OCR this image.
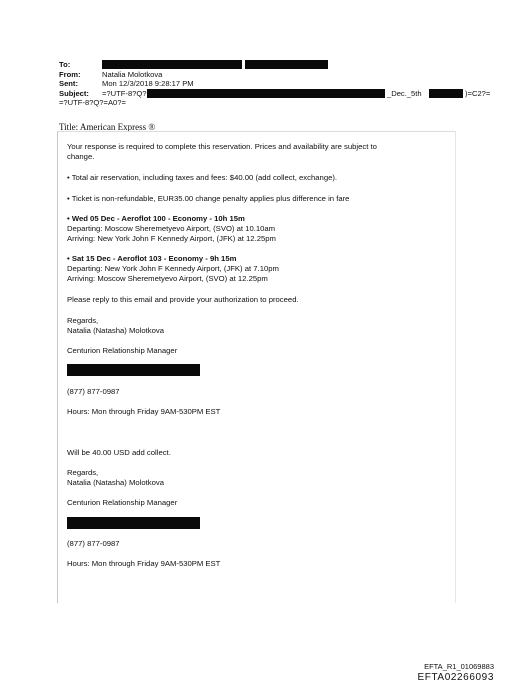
To:
From:	Natalia Molotkova
Sent:	Mon 12/3/2018 9:28:17 PM
Subject: =?UTF-8?Q?	_Dec._5th	)=C2?=
=?UTF-8?Q?=A0?=
Title: American Express ®
Your response is required to complete this reservation. Prices and availability are subject to
change.
• Total air reservation, including taxes and fees: $40.00 (add collect, exchange).
• Ticket is non-refundable, EUR35.00 change penalty applies plus difference in fare
• Wed 05 Dec - Aeroflot 100 - Economy - 10h 15m
Departing: Moscow Sheremetyevo Airport, (SVO) at 10.10am
Arriving: New York John F Kennedy Airport, (JFK) at 12.25pm
• Sat 15 Dec - Aeroflot 103 - Economy - 9h 15m
Departing: New York John F Kennedy Airport, (JFK) at 7.10pm
Arriving: Moscow Sheremetyevo Airport, (SVO) at 12.25pm
Please reply to this email and provide your authorization to proceed.
Regards,
Natalia (Natasha) Molotkova
Centurion Relationship Manager
(877) 877-0987
Hours: Mon through Friday 9AM-530PM EST
Will be 40.00 USD add collect.
Regards,
Natalia (Natasha) Molotkova
Centurion Relationship Manager
(877) 877-0987
Hours: Mon through Friday 9AM-530PM EST
EFTA_R1_01069883
EFTA02266093
